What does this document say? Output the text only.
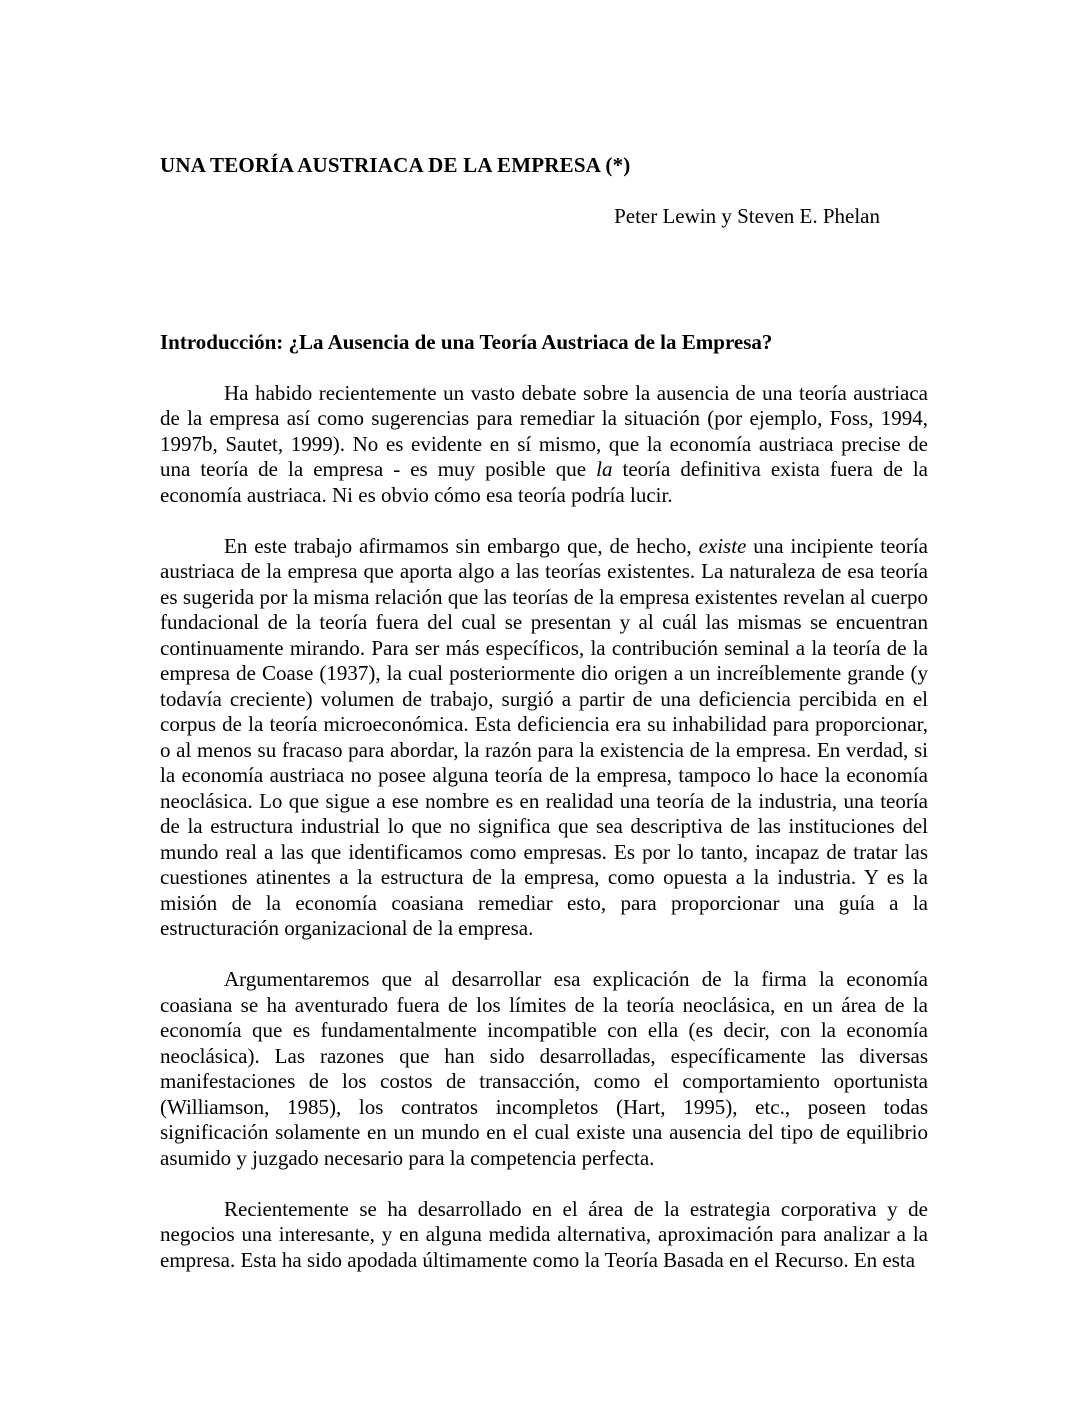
UNA TEORÍA AUSTRIACA DE LA EMPRESA (*)
Peter Lewin y Steven E. Phelan
Introducción: ¿La Ausencia de una Teoría Austriaca de la Empresa?

Ha habido recientemente un vasto debate sobre la ausencia de una teoría austriaca de la empresa así como sugerencias para remediar la situación (por ejemplo, Foss, 1994, 1997b, Sautet, 1999). No es evidente en sí mismo, que la economía austriaca precise de una teoría de la empresa - es muy posible que la teoría definitiva exista fuera de la economía austriaca. Ni es obvio cómo esa teoría podría lucir.

En este trabajo afirmamos sin embargo que, de hecho, existe una incipiente teoría austriaca de la empresa que aporta algo a las teorías existentes. La naturaleza de esa teoría es sugerida por la misma relación que las teorías de la empresa existentes revelan al cuerpo fundacional de la teoría fuera del cual se presentan y al cuál las mismas se encuentran continuamente mirando. Para ser más específicos, la contribución seminal a la teoría de la empresa de Coase (1937), la cual posteriormente dio origen a un increíblemente grande (y todavía creciente) volumen de trabajo, surgió a partir de una deficiencia percibida en el corpus de la teoría microeconómica. Esta deficiencia era su inhabilidad para proporcionar, o al menos su fracaso para abordar, la razón para la existencia de la empresa. En verdad, si la economía austriaca no posee alguna teoría de la empresa, tampoco lo hace la economía neoclásica. Lo que sigue a ese nombre es en realidad una teoría de la industria, una teoría de la estructura industrial lo que no significa que sea descriptiva de las instituciones del mundo real a las que identificamos como empresas. Es por lo tanto, incapaz de tratar las cuestiones atinentes a la estructura de la empresa, como opuesta a la industria. Y es la misión de la economía coasiana remediar esto, para proporcionar una guía a la estructuración organizacional de la empresa.

Argumentaremos que al desarrollar esa explicación de la firma la economía coasiana se ha aventurado fuera de los límites de la teoría neoclásica, en un área de la economía que es fundamentalmente incompatible con ella (es decir, con la economía neoclásica). Las razones que han sido desarrolladas, específicamente las diversas manifestaciones de los costos de transacción, como el comportamiento oportunista (Williamson, 1985), los contratos incompletos (Hart, 1995), etc., poseen todas significación solamente en un mundo en el cual existe una ausencia del tipo de equilibrio asumido y juzgado necesario para la competencia perfecta.

Recientemente se ha desarrollado en el área de la estrategia corporativa y de negocios una interesante, y en alguna medida alternativa, aproximación para analizar a la empresa. Esta ha sido apodada últimamente como la Teoría Basada en el Recurso. En esta
